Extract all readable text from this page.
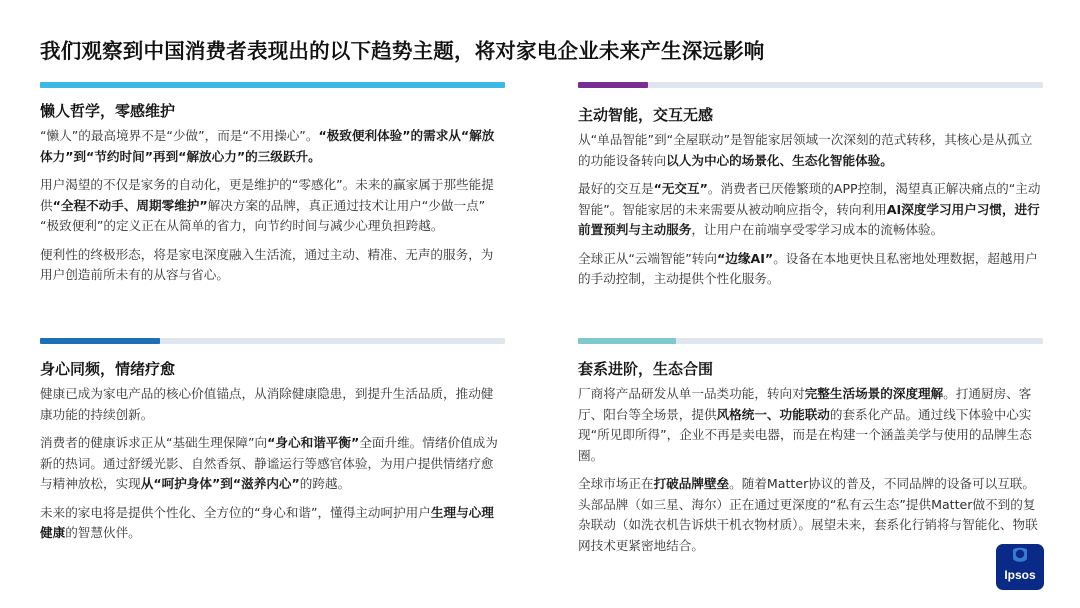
我们观察到中国消费者表现出的以下趋势主题，将对家电企业未来产生深远影响
懒人哲学，零感维护

“懒人”的最高境界不是“少做”，而是“不用操心”。“极致便利体验”的需求从“解放体力”到“节约时间”再到“解放心力”的三级跃升。

用户渴望的不仅是家务的自动化，更是维护的“零感化”。未来的赢家属于那些能提供“全程不动手、周期零维护”解决方案的品牌，真正通过技术让用户“少做一点” “极致便利”的定义正在从简单的省力，向节约时间与减少心理负担跨越。

便利性的终极形态，将是家电深度融入生活流，通过主动、精准、无声的服务，为用户创造前所未有的从容与省心。

主动智能，交互无感

从“单品智能”到“全屋联动”是智能家居领域一次深刻的范式转移，其核心是从孤立的功能设备转向以人为中心的场景化、生态化智能体验。

最好的交互是“无交互”。消费者已厌倦繁琐的APP控制，渴望真正解决痛点的“主动智能”。智能家居的未来需要从被动响应指令，转向利用AI深度学习用户习惯，进行前置预判与主动服务，让用户在前端享受零学习成本的流畅体验。

全球正从“云端智能”转向“边缘AI”。设备在本地更快且私密地处理数据，超越用户的手动控制，主动提供个性化服务。

身心同频，情绪疗愈

健康已成为家电产品的核心价值锚点，从消除健康隐患，到提升生活品质，推动健康功能的持续创新。

消费者的健康诉求正从“基础生理保障”向“身心和谐平衡”全面升维。情绪价值成为新的热词。通过舒缓光影、自然香氛、静谧运行等感官体验，为用户提供情绪疗愈与精神放松，实现从“呵护身体”到“滋养内心”的跨越。

未来的家电将是提供个性化、全方位的“身心和谐”，懂得主动呵护用户生理与心理健康的智慧伙伴。

套系进阶，生态合围

厂商将产品研发从单一品类功能，转向对完整生活场景的深度理解。打通厨房、客厅、阳台等全场景，提供风格统一、功能联动的套系化产品。通过线下体验中心实现“所见即所得”，企业不再是卖电器，而是在构建一个涵盖美学与使用的品牌生态圈。

全球市场正在打破品牌壁垒。随着Matter协议的普及，不同品牌的设备可以互联。头部品牌（如三星、海尔）正在通过更深度的“私有云生态”提供Matter做不到的复杂联动（如洗衣机告诉烘干机衣物材质）。展望未来，套系化行销将与智能化、物联网技术更紧密地结合。

Ipsos
